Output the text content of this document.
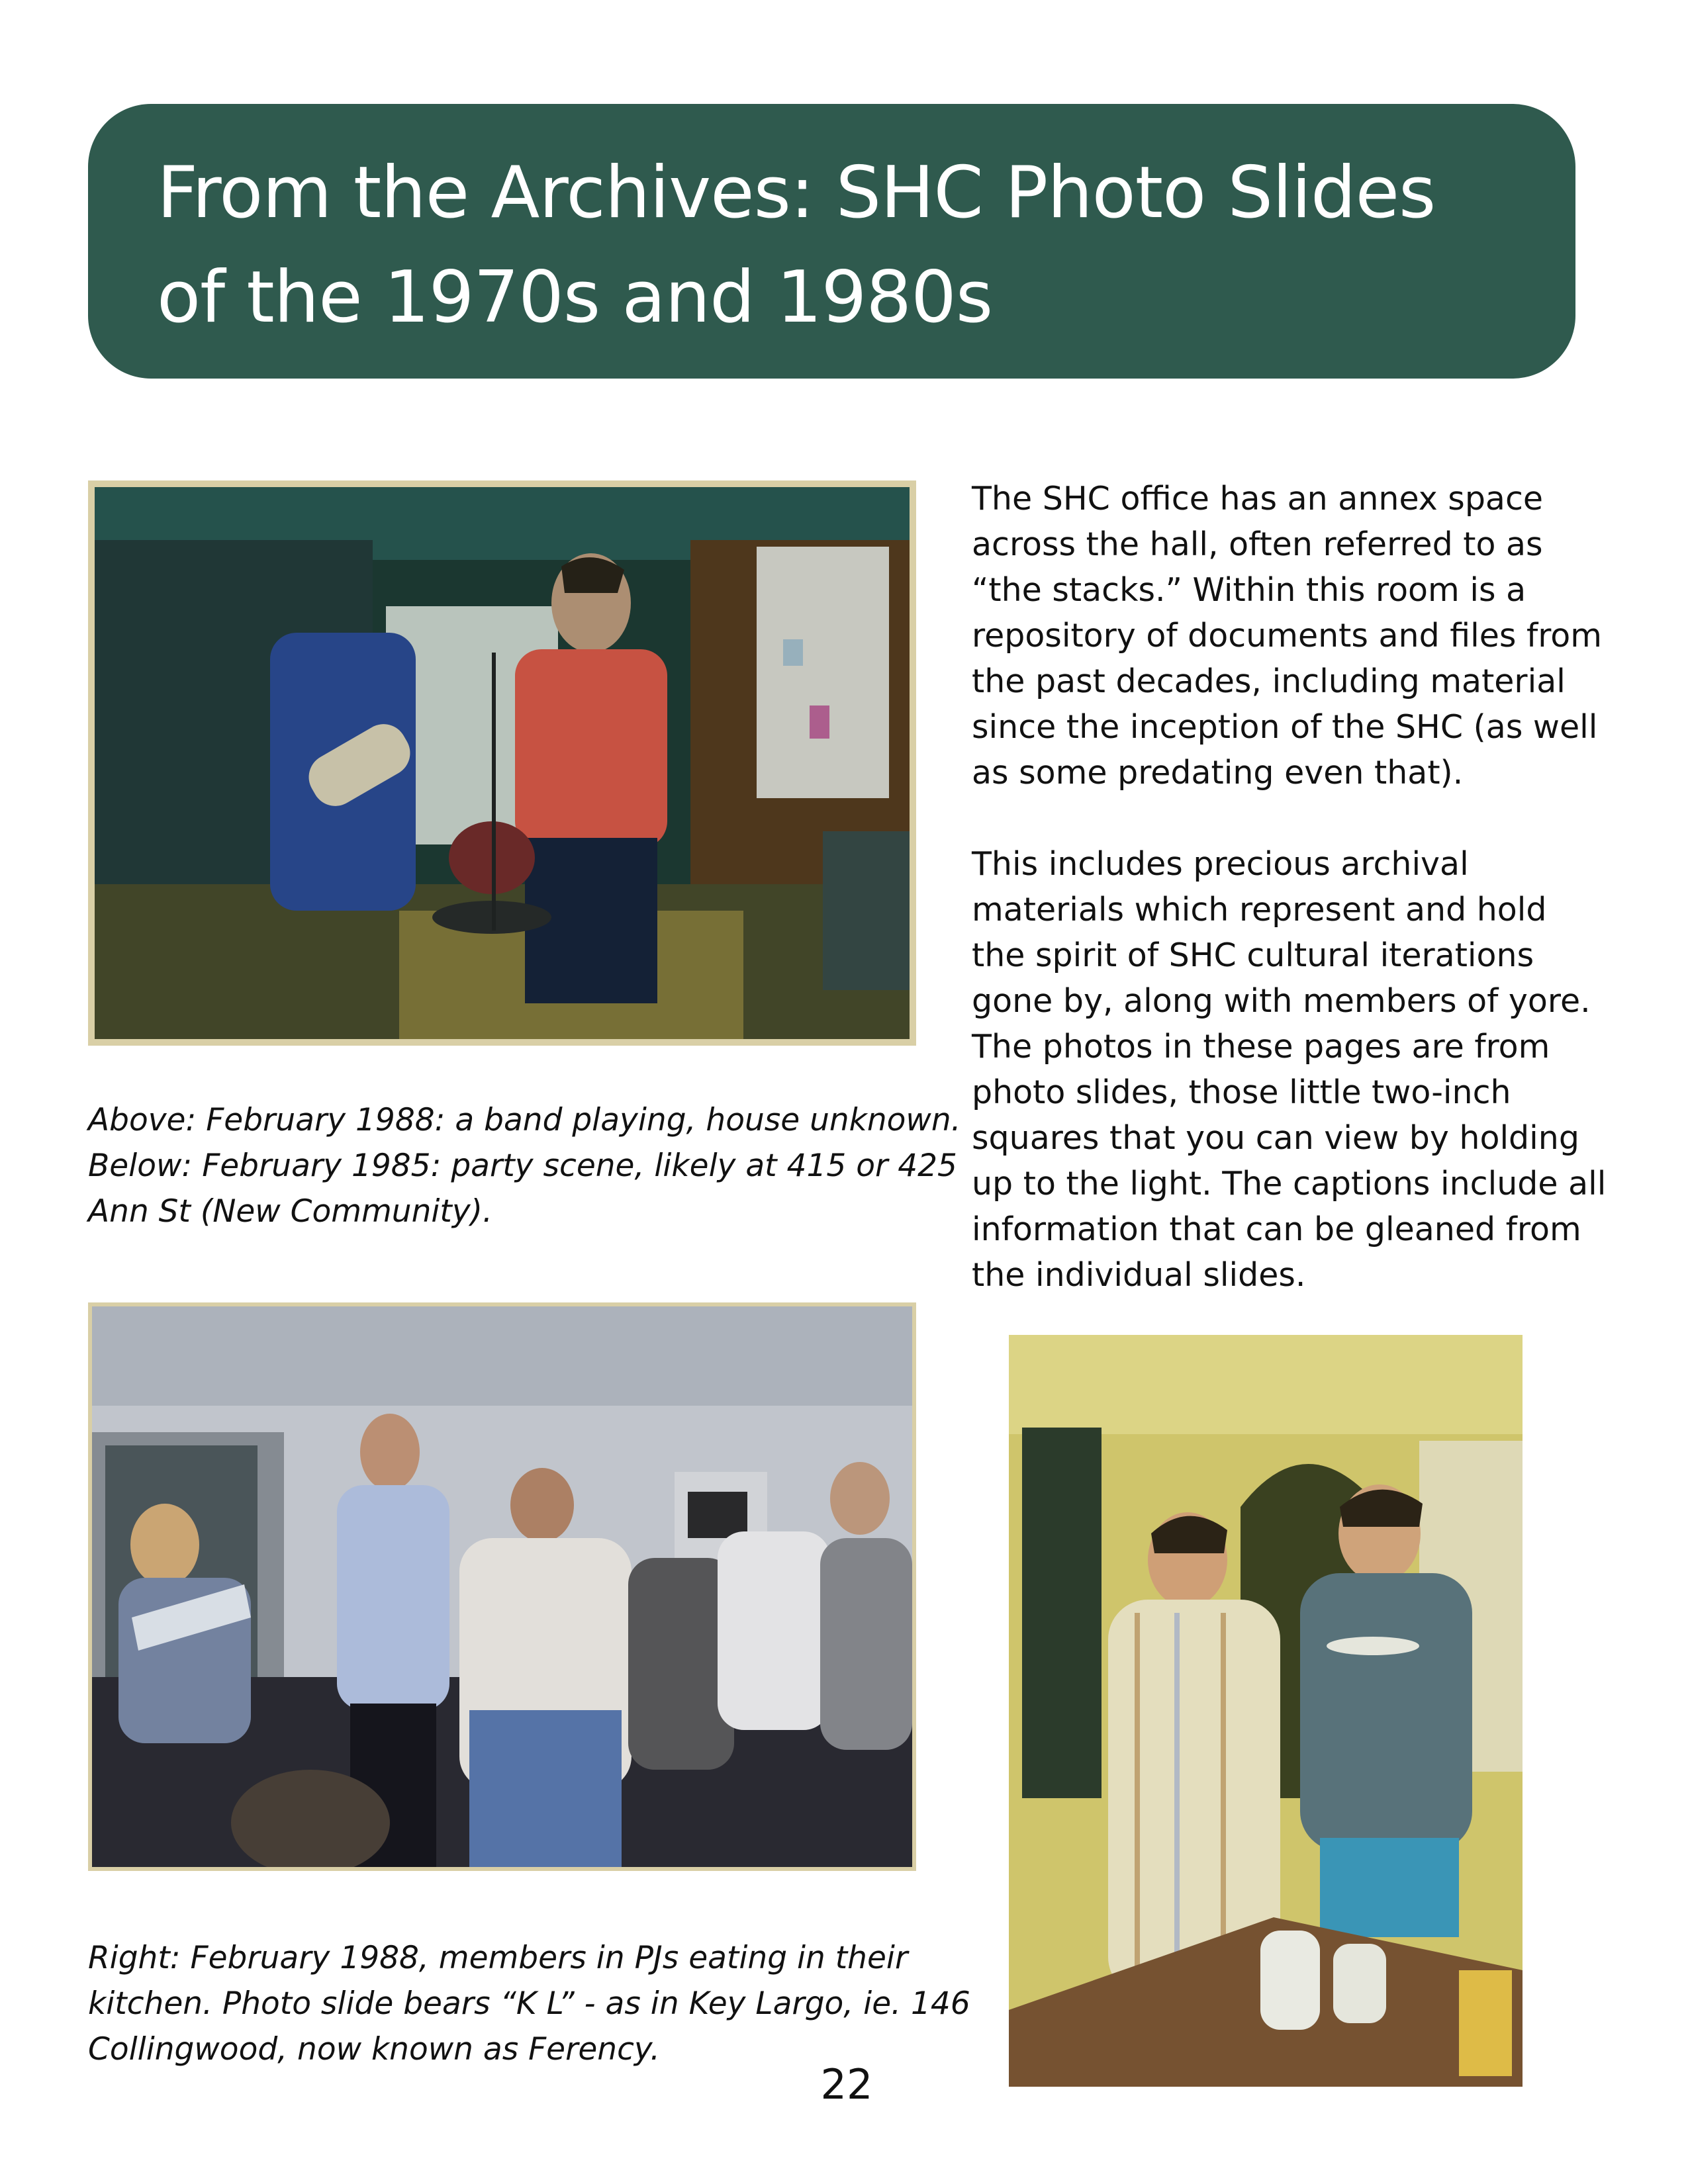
From the Archives: SHC Photo Slides
of the 1970s and 1980s
Above: February 1988: a band playing, house unknown.
Below: February 1985: party scene, likely at 415 or 425
Ann St (New Community).

The SHC office has an annex space
across the hall, often referred to as
“the stacks.” Within this room is a
repository of documents and files from
the past decades, including material
since the inception of the SHC (as well
as some predating even that).

This includes precious archival
materials which represent and hold
the spirit of SHC cultural iterations
gone by, along with members of yore.
The photos in these pages are from
photo slides, those little two-inch
squares that you can view by holding
up to the light. The captions include all
information that can be gleaned from
the individual slides.

Right: February 1988, members in PJs eating in their
kitchen. Photo slide bears “K L” - as in Key Largo, ie. 146
Collingwood, now known as Ferency.
22
